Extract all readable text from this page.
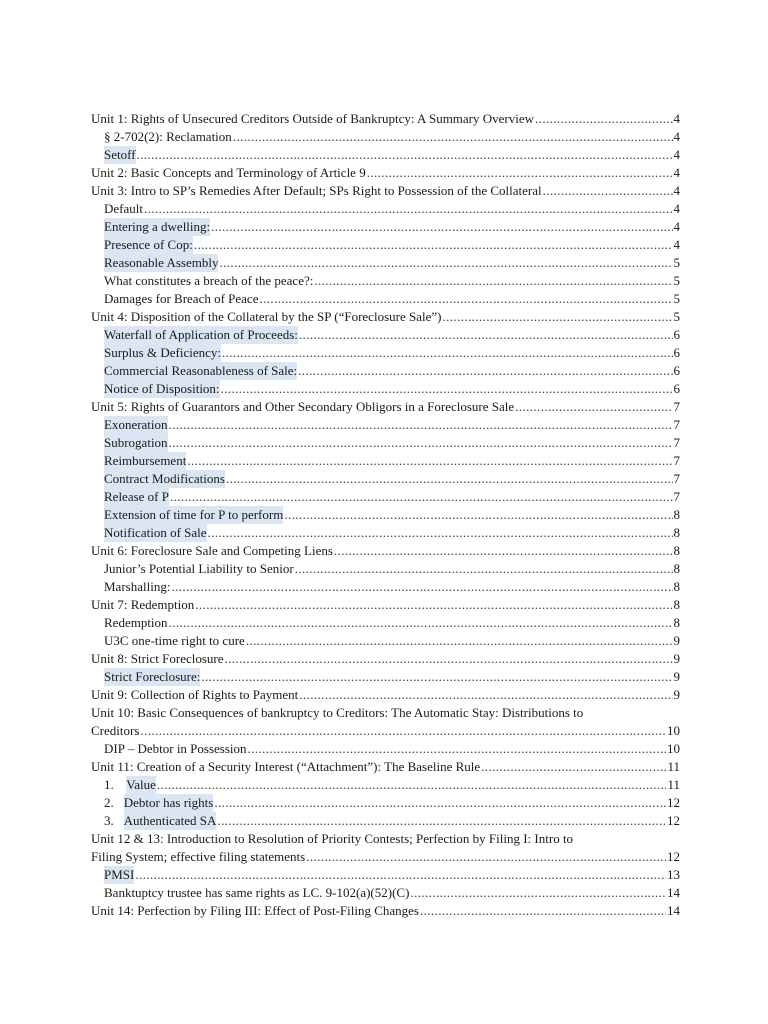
Unit 1: Rights of Unsecured Creditors Outside of Bankruptcy: A Summary Overview .....	4
§ 2-702(2): Reclamation .....	4
Setoff .....	4
Unit 2: Basic Concepts and Terminology of Article 9 .....	4
Unit 3: Intro to SP’s Remedies After Default; SPs Right to Possession of the Collateral .....	4
Default .....	4
Entering a dwelling: .....	4
Presence of Cop: .....	4
Reasonable Assembly .....	5
What constitutes a breach of the peace?: .....	5
Damages for Breach of Peace .....	5
Unit 4: Disposition of the Collateral by the SP (“Foreclosure Sale”) .....	5
Waterfall of Application of Proceeds: .....	6
Surplus & Deficiency: .....	6
Commercial Reasonableness of Sale: .....	6
Notice of Disposition: .....	6
Unit 5: Rights of Guarantors and Other Secondary Obligors in a Foreclosure Sale .....	7
Exoneration .....	7
Subrogation .....	7
Reimbursement .....	7
Contract Modifications .....	7
Release of P .....	7
Extension of time for P to perform .....	8
Notification of Sale .....	8
Unit 6: Foreclosure Sale and Competing Liens .....	8
Junior’s Potential Liability to Senior .....	8
Marshalling: .....	8
Unit 7: Redemption .....	8
Redemption .....	8
U3C one-time right to cure .....	9
Unit 8: Strict Foreclosure .....	9
Strict Foreclosure: .....	9
Unit 9: Collection of Rights to Payment .....	9
Unit 10: Basic Consequences of bankruptcy to Creditors: The Automatic Stay: Distributions to
Creditors .....	10
DIP – Debtor in Possession .....	10
Unit 11: Creation of a Security Interest (“Attachment”): The Baseline Rule .....	11
1. Value .....	11
2. Debtor has rights .....	12
3. Authenticated SA .....	12
Unit 12 & 13: Introduction to Resolution of Priority Contests; Perfection by Filing I: Intro to
Filing System; effective filing statements .....	12
PMSI .....	13
Banktuptcy trustee has same rights as LC. 9-102(a)(52)(C) .....	14
Unit 14: Perfection by Filing III: Effect of Post-Filing Changes .....	14
